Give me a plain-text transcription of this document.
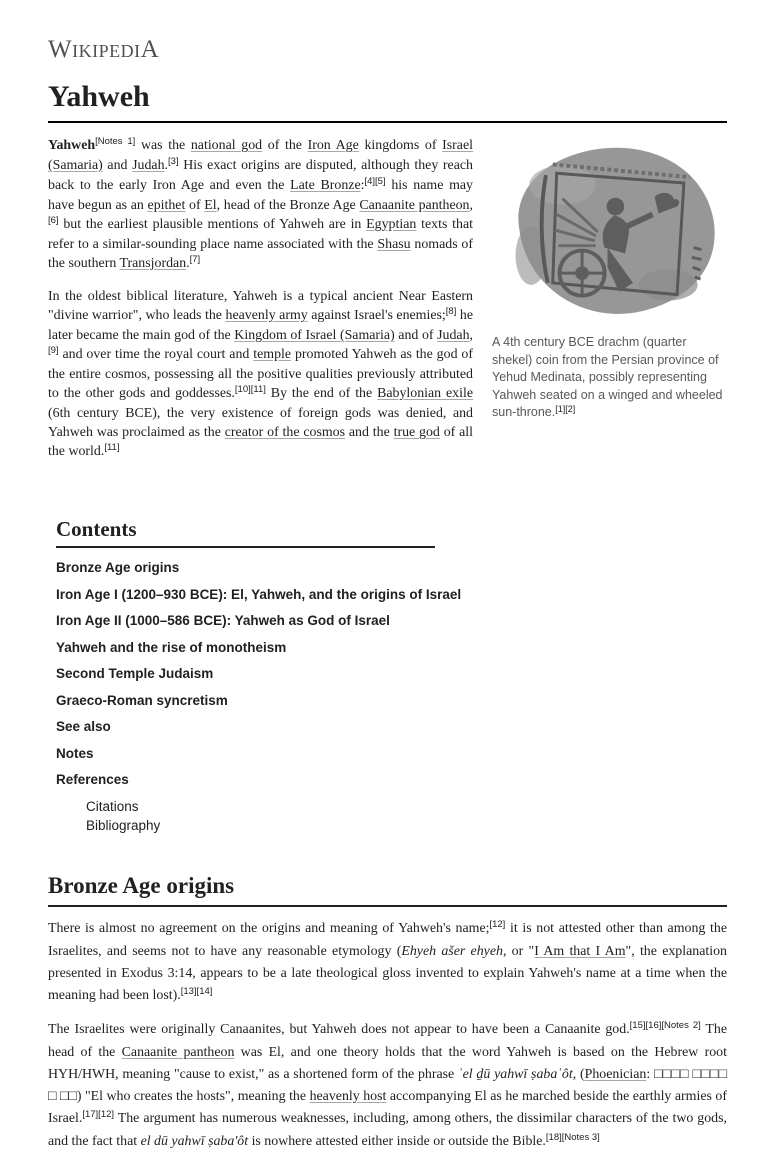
WikipediA
Yahweh
A 4th century BCE drachm (quarter shekel) coin from the Persian province of Yehud Medinata, possibly representing Yahweh seated on a winged and wheeled sun-throne.[1][2]

Yahweh[Notes 1] was the national god of the Iron Age kingdoms of Israel (Samaria) and Judah.[3] His exact origins are disputed, although they reach back to the early Iron Age and even the Late Bronze:[4][5] his name may have begun as an epithet of El, head of the Bronze Age Canaanite pantheon,[6] but the earliest plausible mentions of Yahweh are in Egyptian texts that refer to a similar-sounding place name associated with the Shasu nomads of the southern Transjordan.[7]

In the oldest biblical literature, Yahweh is a typical ancient Near Eastern "divine warrior", who leads the heavenly army against Israel's enemies;[8] he later became the main god of the Kingdom of Israel (Samaria) and of Judah,[9] and over time the royal court and temple promoted Yahweh as the god of the entire cosmos, possessing all the positive qualities previously attributed to the other gods and goddesses.[10][11] By the end of the Babylonian exile (6th century BCE), the very existence of foreign gods was denied, and Yahweh was proclaimed as the creator of the cosmos and the true god of all the world.[11]

Contents
Bronze Age origins
Iron Age I (1200–930 BCE): El, Yahweh, and the origins of Israel
Iron Age II (1000–586 BCE): Yahweh as God of Israel
Yahweh and the rise of monotheism
Second Temple Judaism
Graeco-Roman syncretism
See also
Notes
References
Citations
Bibliography
Bronze Age origins

There is almost no agreement on the origins and meaning of Yahweh's name;[12] it is not attested other than among the Israelites, and seems not to have any reasonable etymology (Ehyeh ašer ehyeh, or "I Am that I Am", the explanation presented in Exodus 3:14, appears to be a late theological gloss invented to explain Yahweh's name at a time when the meaning had been lost).[13][14]

The Israelites were originally Canaanites, but Yahweh does not appear to have been a Canaanite god.[15][16][Notes 2] The head of the Canaanite pantheon was El, and one theory holds that the word Yahweh is based on the Hebrew root HYH/HWH, meaning "cause to exist," as a shortened form of the phrase ʾel ḏū yahwī ṣabaʾôt, (Phoenician: □□□□ □□□□ □ □□) "El who creates the hosts", meaning the heavenly host accompanying El as he marched beside the earthly armies of Israel.[17][12] The argument has numerous weaknesses, including, among others, the dissimilar characters of the two gods, and the fact that el dū yahwī ṣaba'ôt is nowhere attested either inside or outside the Bible.[18][Notes 3]
